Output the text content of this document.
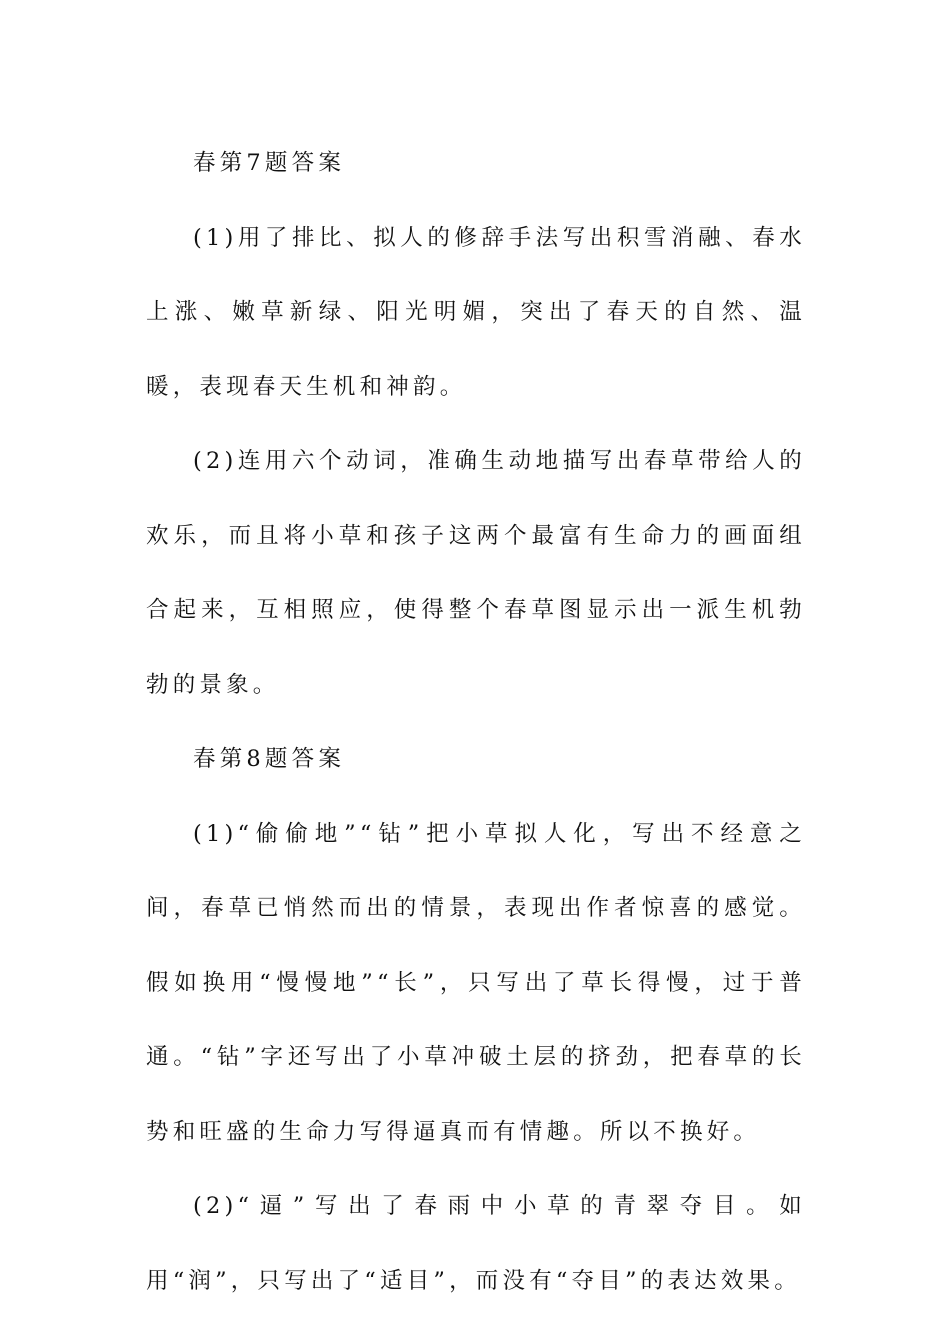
春第7题答案

(1)用了排比、拟人的修辞手法写出积雪消融、春水上涨、嫩草新绿、阳光明媚，突出了春天的自然、温暖，表现春天生机和神韵。

(2)连用六个动词，准确生动地描写出春草带给人的欢乐，而且将小草和孩子这两个最富有生命力的画面组合起来，互相照应，使得整个春草图显示出一派生机勃勃的景象。

春第8题答案

(1)“偷偷地”“钻”把小草拟人化，写出不经意之间，春草已悄然而出的情景，表现出作者惊喜的感觉。假如换用“慢慢地”“长”，只写出了草长得慢，过于普通。“钻”字还写出了小草冲破土层的挤劲，把春草的长势和旺盛的生命力写得逼真而有情趣。所以不换好。

(2)“逼”写出了春雨中小草的青翠夺目。如用“润”，只写出了“适目”，而没有“夺目”的表达效果。
